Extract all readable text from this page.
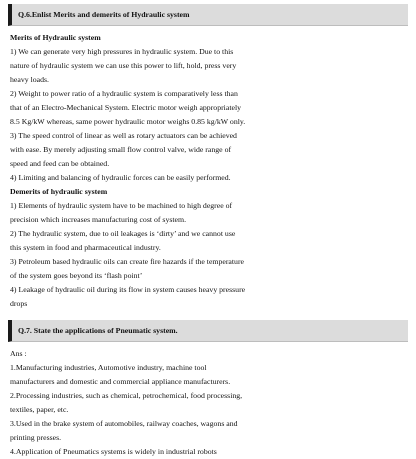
Q.6.Enlist Merits and demerits of Hydraulic system
Merits of Hydraulic system
1) We can generate very high pressures in hydraulic system. Due to this
nature of hydraulic system we can use this power to lift, hold, press very
heavy loads.
2) Weight to power ratio of a hydraulic system is comparatively less than
that of an Electro-Mechanical System. Electric motor weigh appropriately
8.5 Kg/kW whereas, same power hydraulic motor weighs 0.85 kg/kW only.
3) The speed control of linear as well as rotary actuators can be achieved
with ease. By merely adjusting small flow control valve, wide range of
speed and feed can be obtained.
4) Limiting and balancing of hydraulic forces can be easily performed.
Demerits of hydraulic system
1) Elements of hydraulic system have to be machined to high degree of
precision which increases manufacturing cost of system.
2) The hydraulic system, due to oil leakages is ‘dirty’ and we cannot use
this system in food and pharmaceutical industry.
3) Petroleum based hydraulic oils can create fire hazards if the temperature
of the system goes beyond its ‘flash point’
4) Leakage of hydraulic oil during its flow in system causes heavy pressure
drops
Q.7. State the applications of Pneumatic system.
Ans :
1.Manufacturing industries, Automotive industry, machine tool
manufacturers and domestic and commercial appliance manufacturers.
2.Processing industries, such as chemical, petrochemical, food processing,
textiles, paper, etc.
3.Used in the brake system of automobiles, railway coaches, wagons and
printing presses.
4.Application of Pneumatics systems is widely in industrial robots
